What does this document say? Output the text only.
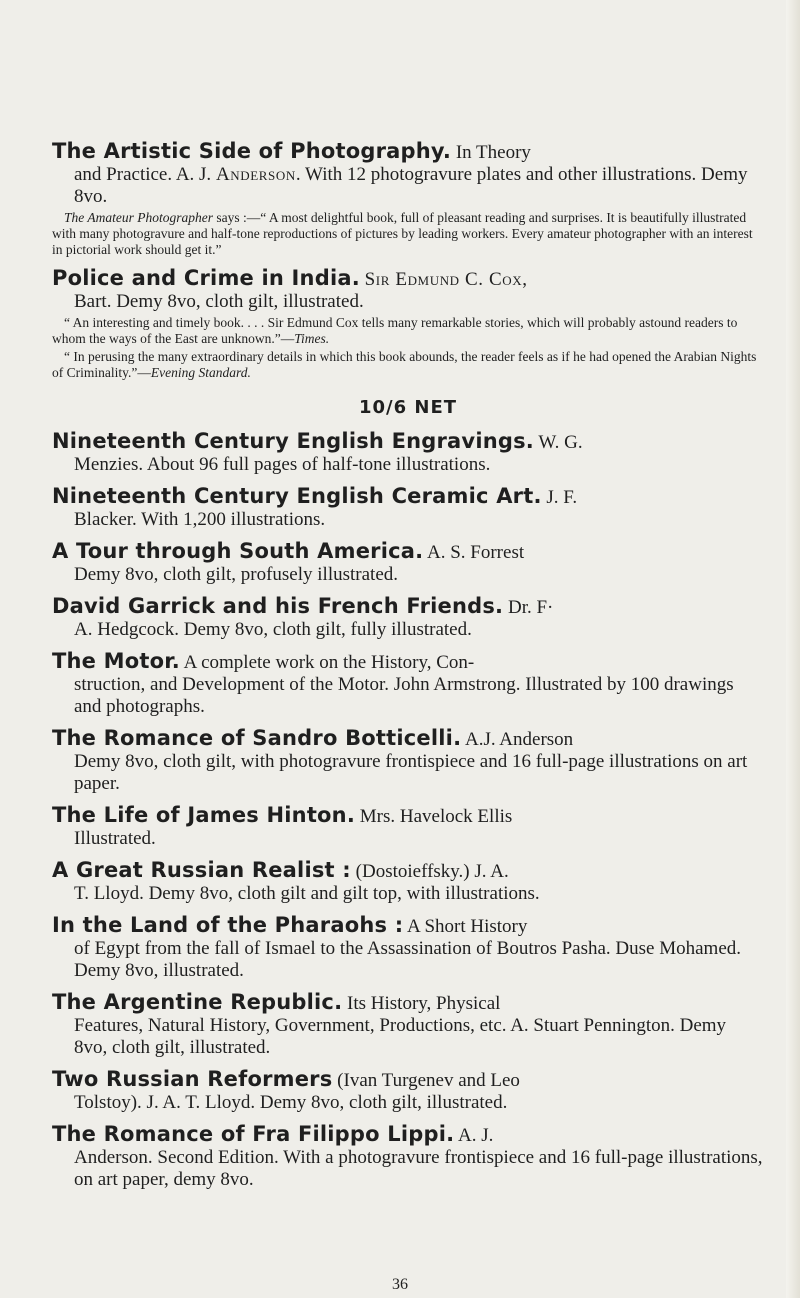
The Artistic Side of Photography. In Theory
and Practice. A. J. Anderson. With 12 photogravure plates and other illustrations. Demy 8vo.
The Amateur Photographer says :—“ A most delightful book, full of pleasant reading and surprises. It is beautifully illustrated with many photogravure and half-tone reproductions of pictures by leading workers. Every amateur photographer with an interest in pictorial work should get it.”
Police and Crime in India. Sir Edmund C. Cox,
Bart. Demy 8vo, cloth gilt, illustrated.
“ An interesting and timely book. . . . Sir Edmund Cox tells many remarkable stories, which will probably astound readers to whom the ways of the East are unknown.”—Times.
“ In perusing the many extraordinary details in which this book abounds, the reader feels as if he had opened the Arabian Nights of Criminality.”—Evening Standard.
10/6 NET
Nineteenth Century English Engravings. W. G.
Menzies. About 96 full pages of half-tone illustrations.
Nineteenth Century English Ceramic Art. J. F.
Blacker. With 1,200 illustrations.
A Tour through South America. A. S. Forrest
Demy 8vo, cloth gilt, profusely illustrated.
David Garrick and his French Friends. Dr. F·
A. Hedgcock. Demy 8vo, cloth gilt, fully illustrated.
The Motor. A complete work on the History, Con-
struction, and Development of the Motor. John Armstrong. Illustrated by 100 drawings and photographs.
The Romance of Sandro Botticelli. A.J. Anderson
Demy 8vo, cloth gilt, with photogravure frontispiece and 16 full-page illustrations on art paper.
The Life of James Hinton. Mrs. Havelock Ellis
Illustrated.
A Great Russian Realist : (Dostoieffsky.) J. A.
T. Lloyd. Demy 8vo, cloth gilt and gilt top, with illustrations.
In the Land of the Pharaohs : A Short History
of Egypt from the fall of Ismael to the Assassination of Boutros Pasha. Duse Mohamed. Demy 8vo, illustrated.
The Argentine Republic. Its History, Physical
Features, Natural History, Government, Productions, etc. A. Stuart Pennington. Demy 8vo, cloth gilt, illustrated.
Two Russian Reformers (Ivan Turgenev and Leo
Tolstoy). J. A. T. Lloyd. Demy 8vo, cloth gilt, illustrated.
The Romance of Fra Filippo Lippi. A. J.
Anderson. Second Edition. With a photogravure frontispiece and 16 full-page illustrations, on art paper, demy 8vo.
36
